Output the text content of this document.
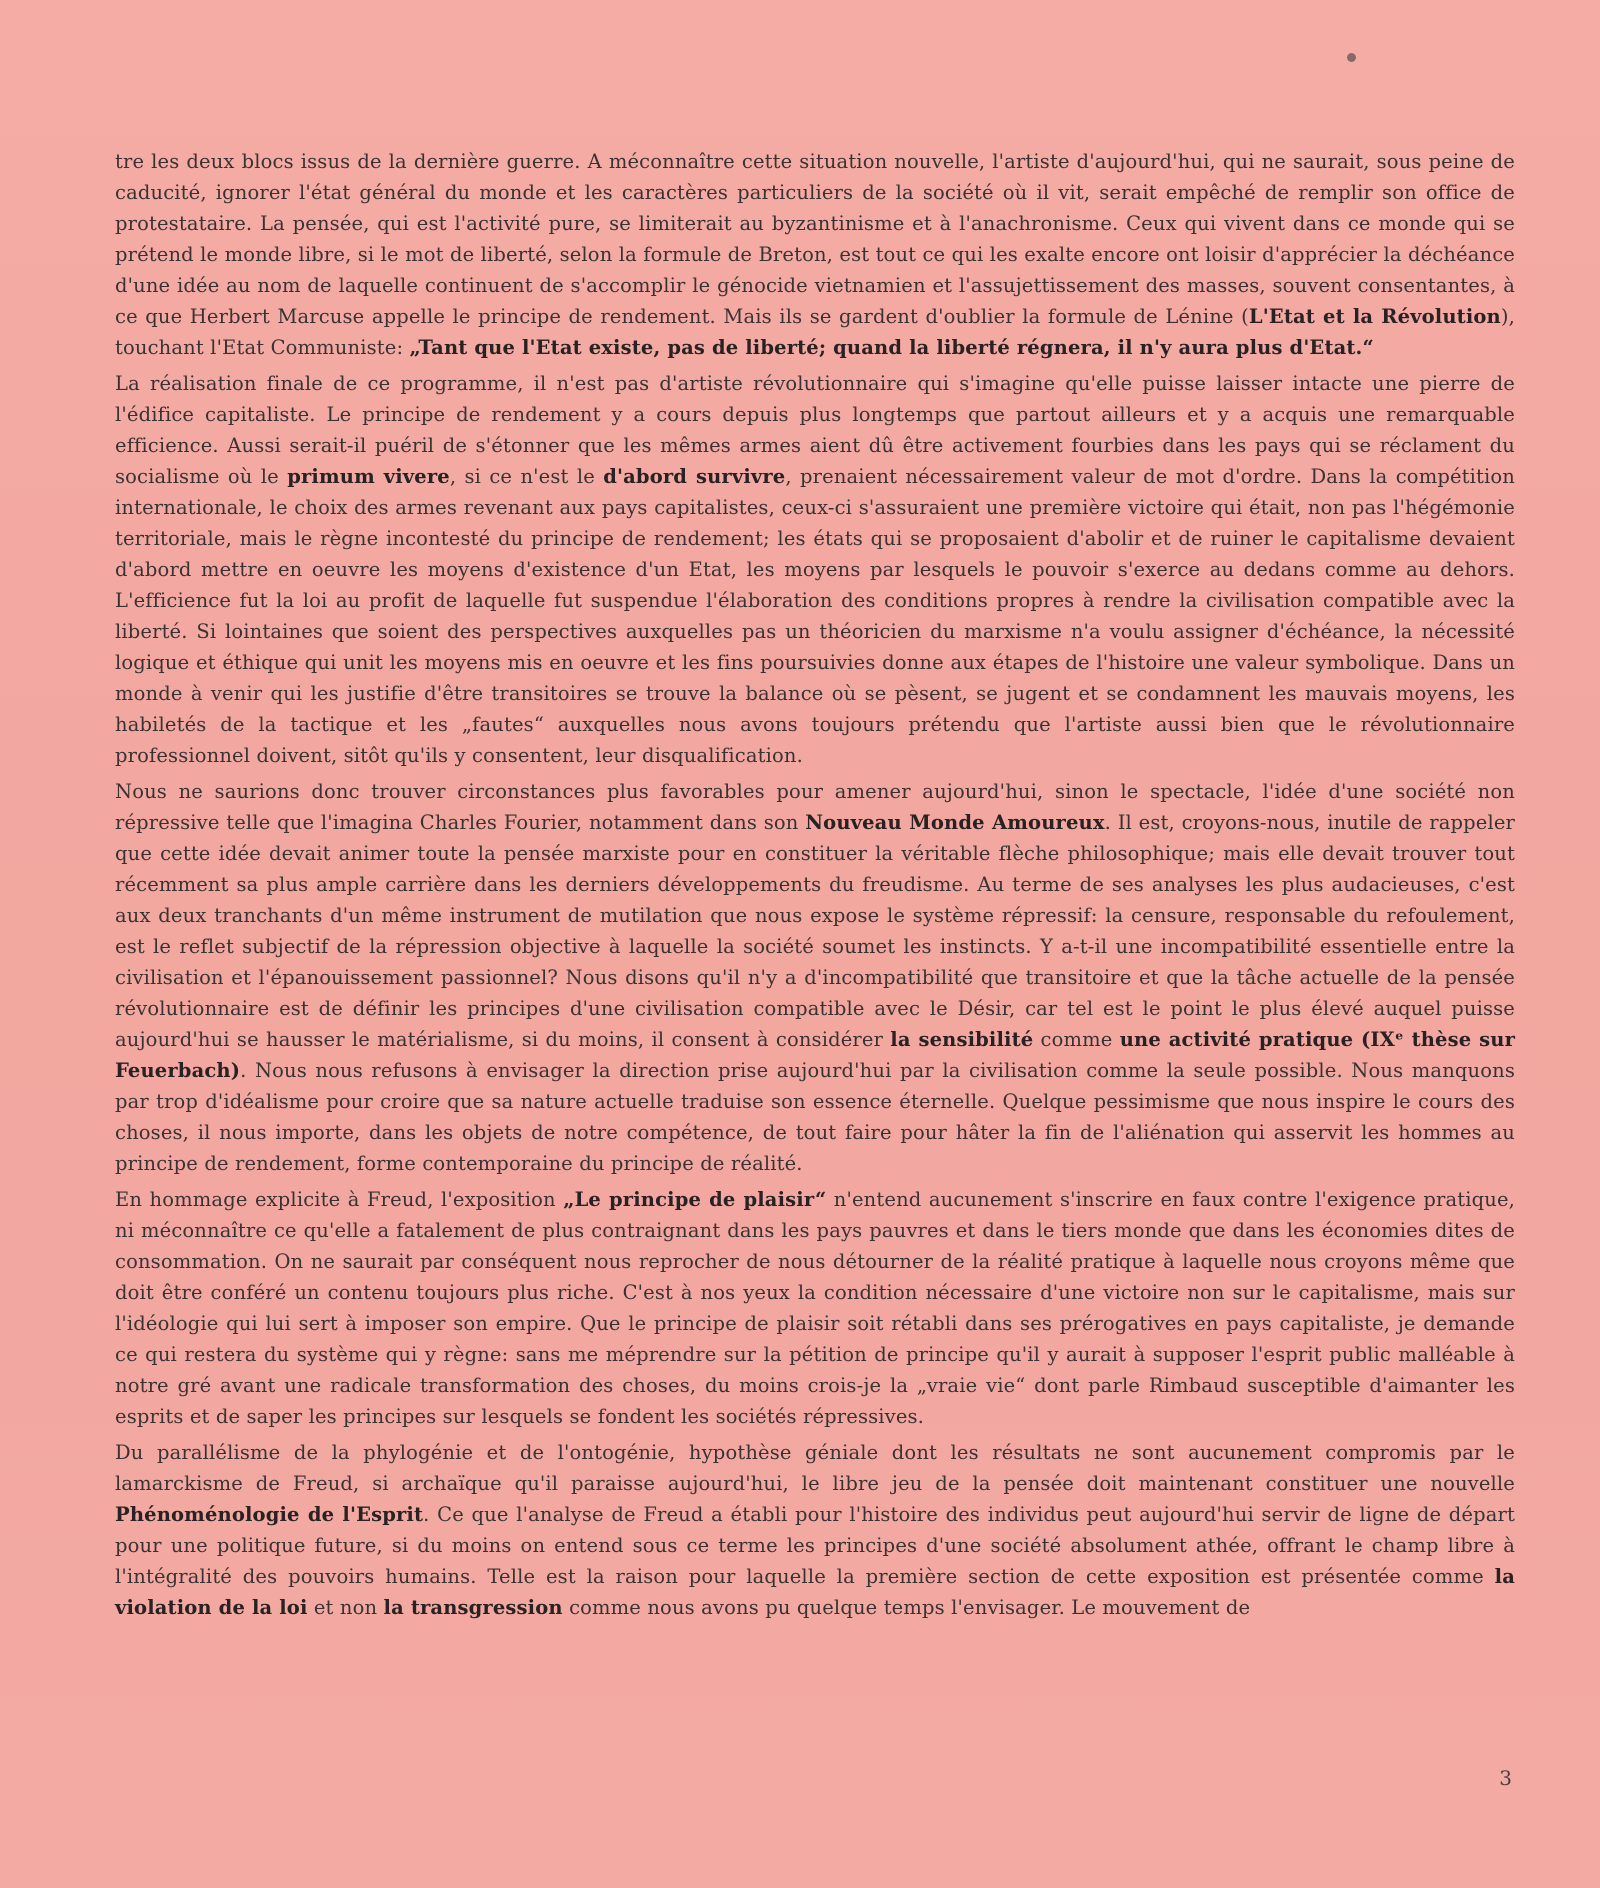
tre les deux blocs issus de la dernière guerre. A méconnaître cette situation nouvelle, l'artiste d'aujourd'hui, qui ne saurait, sous peine de caducité, ignorer l'état général du monde et les caractères particuliers de la société où il vit, serait empêché de remplir son office de protestataire. La pensée, qui est l'activité pure, se limiterait au byzantinisme et à l'anachronisme. Ceux qui vivent dans ce monde qui se prétend le monde libre, si le mot de liberté, selon la formule de Breton, est tout ce qui les exalte encore ont loisir d'apprécier la déchéance d'une idée au nom de laquelle continuent de s'accomplir le génocide vietnamien et l'assujettissement des masses, souvent consentantes, à ce que Herbert Marcuse appelle le principe de rendement. Mais ils se gardent d'oublier la formule de Lénine (L'Etat et la Révolution), touchant l'Etat Communiste: „Tant que l'Etat existe, pas de liberté; quand la liberté régnera, il n'y aura plus d'Etat.“

La réalisation finale de ce programme, il n'est pas d'artiste révolutionnaire qui s'imagine qu'elle puisse laisser intacte une pierre de l'édifice capitaliste. Le principe de rendement y a cours depuis plus longtemps que partout ailleurs et y a acquis une remarquable efficience. Aussi serait-il puéril de s'étonner que les mêmes armes aient dû être activement fourbies dans les pays qui se réclament du socialisme où le primum vivere, si ce n'est le d'abord survivre, prenaient nécessairement valeur de mot d'ordre. Dans la compétition internationale, le choix des armes revenant aux pays capitalistes, ceux-ci s'assuraient une première victoire qui était, non pas l'hégémonie territoriale, mais le règne incontesté du principe de rendement; les états qui se proposaient d'abolir et de ruiner le capitalisme devaient d'abord mettre en oeuvre les moyens d'existence d'un Etat, les moyens par lesquels le pouvoir s'exerce au dedans comme au dehors. L'efficience fut la loi au profit de laquelle fut suspendue l'élaboration des conditions propres à rendre la civilisation compatible avec la liberté. Si lointaines que soient des perspectives auxquelles pas un théoricien du marxisme n'a voulu assigner d'échéance, la nécessité logique et éthique qui unit les moyens mis en oeuvre et les fins poursuivies donne aux étapes de l'histoire une valeur symbolique. Dans un monde à venir qui les justifie d'être transitoires se trouve la balance où se pèsent, se jugent et se condamnent les mauvais moyens, les habiletés de la tactique et les „fautes“ auxquelles nous avons toujours prétendu que l'artiste aussi bien que le révolutionnaire professionnel doivent, sitôt qu'ils y consentent, leur disqualification.

Nous ne saurions donc trouver circonstances plus favorables pour amener aujourd'hui, sinon le spectacle, l'idée d'une société non répressive telle que l'imagina Charles Fourier, notamment dans son Nouveau Monde Amoureux. Il est, croyons-nous, inutile de rappeler que cette idée devait animer toute la pensée marxiste pour en constituer la véritable flèche philosophique; mais elle devait trouver tout récemment sa plus ample carrière dans les derniers développements du freudisme. Au terme de ses analyses les plus audacieuses, c'est aux deux tranchants d'un même instrument de mutilation que nous expose le système répressif: la censure, responsable du refoulement, est le reflet subjectif de la répression objective à laquelle la société soumet les instincts. Y a-t-il une incompatibilité essentielle entre la civilisation et l'épanouissement passionnel? Nous disons qu'il n'y a d'incompatibilité que transitoire et que la tâche actuelle de la pensée révolutionnaire est de définir les principes d'une civilisation compatible avec le Désir, car tel est le point le plus élevé auquel puisse aujourd'hui se hausser le matérialisme, si du moins, il consent à considérer la sensibilité comme une activité pratique (IXᵉ thèse sur Feuerbach). Nous nous refusons à envisager la direction prise aujourd'hui par la civilisation comme la seule possible. Nous manquons par trop d'idéalisme pour croire que sa nature actuelle traduise son essence éternelle. Quelque pessimisme que nous inspire le cours des choses, il nous importe, dans les objets de notre compétence, de tout faire pour hâter la fin de l'aliénation qui asservit les hommes au principe de rendement, forme contemporaine du principe de réalité.

En hommage explicite à Freud, l'exposition „Le principe de plaisir“ n'entend aucunement s'inscrire en faux contre l'exigence pratique, ni méconnaître ce qu'elle a fatalement de plus contraignant dans les pays pauvres et dans le tiers monde que dans les économies dites de consommation. On ne saurait par conséquent nous reprocher de nous détourner de la réalité pratique à laquelle nous croyons même que doit être conféré un contenu toujours plus riche. C'est à nos yeux la condition nécessaire d'une victoire non sur le capitalisme, mais sur l'idéologie qui lui sert à imposer son empire. Que le principe de plaisir soit rétabli dans ses prérogatives en pays capitaliste, je demande ce qui restera du système qui y règne: sans me méprendre sur la pétition de principe qu'il y aurait à supposer l'esprit public malléable à notre gré avant une radicale transformation des choses, du moins crois-je la „vraie vie“ dont parle Rimbaud susceptible d'aimanter les esprits et de saper les principes sur lesquels se fondent les sociétés répressives.

Du parallélisme de la phylogénie et de l'ontogénie, hypothèse géniale dont les résultats ne sont aucunement compromis par le lamarckisme de Freud, si archaïque qu'il paraisse aujourd'hui, le libre jeu de la pensée doit maintenant constituer une nouvelle Phénoménologie de l'Esprit. Ce que l'analyse de Freud a établi pour l'histoire des individus peut aujourd'hui servir de ligne de départ pour une politique future, si du moins on entend sous ce terme les principes d'une société absolument athée, offrant le champ libre à l'intégralité des pouvoirs humains. Telle est la raison pour laquelle la première section de cette exposition est présentée comme la violation de la loi et non la transgression comme nous avons pu quelque temps l'envisager. Le mouvement de

3
